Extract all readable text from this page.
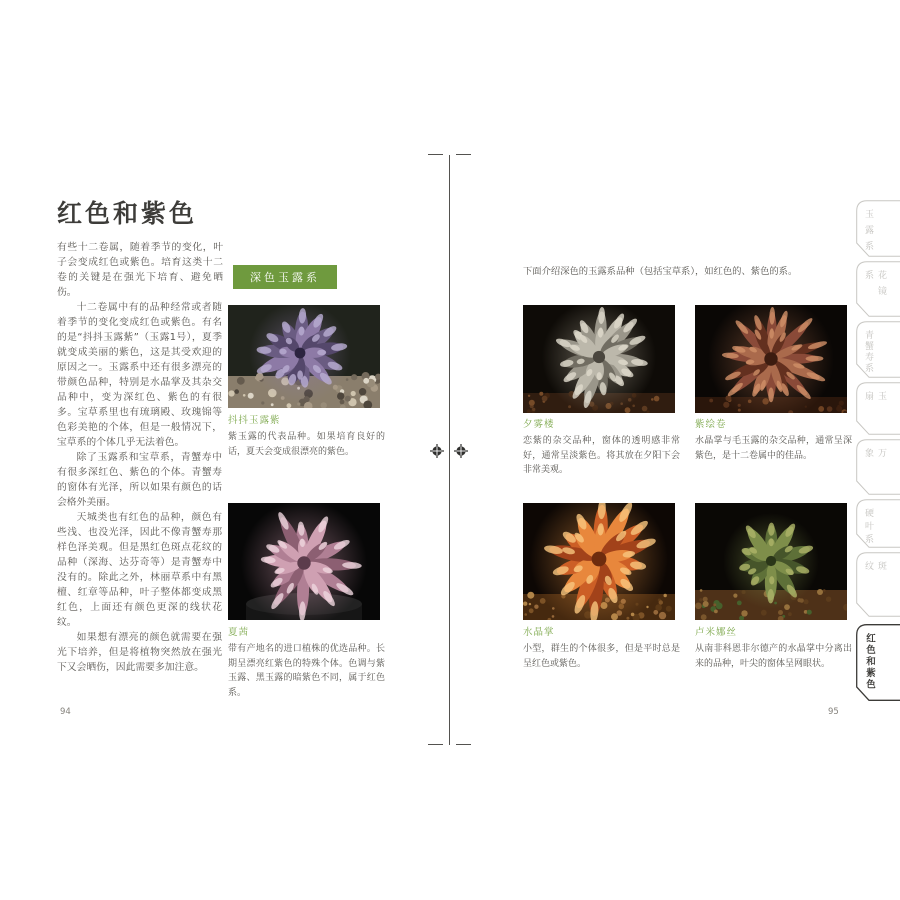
红色和紫色
有些十二卷属，随着季节的变化，叶子会变成红色或紫色。培育这类十二卷的关键是在强光下培育、避免晒伤。

十二卷属中有的品种经常或者随着季节的变化变成红色或紫色。有名的是“抖抖玉露紫”（玉露1号），夏季就变成美丽的紫色，这是其受欢迎的原因之一。玉露系中还有很多漂亮的带颜色品种，特别是水晶掌及其杂交品种中，变为深红色、紫色的有很多。宝草系里也有琉璃殿、玫瑰锦等色彩美艳的个体，但是一般情况下，宝草系的个体几乎无法着色。

除了玉露系和宝草系，青蟹寿中有很多深红色、紫色的个体。青蟹寿的窗体有光泽，所以如果有颜色的话会格外美丽。

天城类也有红色的品种，颜色有些浅、也没光泽，因此不像青蟹寿那样色泽美观。但是黑红色斑点花纹的品种（深海、达芬奇等）是青蟹寿中没有的。除此之外，林丽草系中有黑檀、红章等品种，叶子整体都变成黑红色，上面还有颜色更深的线状花纹。

如果想有漂亮的颜色就需要在强光下培养，但是将植物突然放在强光下又会晒伤，因此需要多加注意。

深色玉露系
抖抖玉露紫
紫玉露的代表品种。如果培育良好的话，夏天会变成很漂亮的紫色。
夏茜
带有产地名的进口植株的优选品种。长期呈漂亮红紫色的特殊个体。色调与紫玉露、黑玉露的暗紫色不同，属于红色系。
94
下面介绍深色的玉露系品种（包括宝草系），如红色的、紫色的系。
夕雾楼
恋紫的杂交品种，窗体的透明感非常好，通常呈淡紫色。将其放在夕阳下会非常美观。
紫绘卷
水晶掌与毛玉露的杂交品种，通常呈深紫色，是十二卷属中的佳品。
水晶掌
小型，群生的个体很多，但是平时总是呈红色或紫色。
卢米娜丝
从南非科恩非尔德产的水晶掌中分离出来的品种，叶尖的窗体呈网眼状。
95
玉露系
花镜系
青蟹寿系
玉扇
万象
硬叶系
斑纹
红色和紫色
